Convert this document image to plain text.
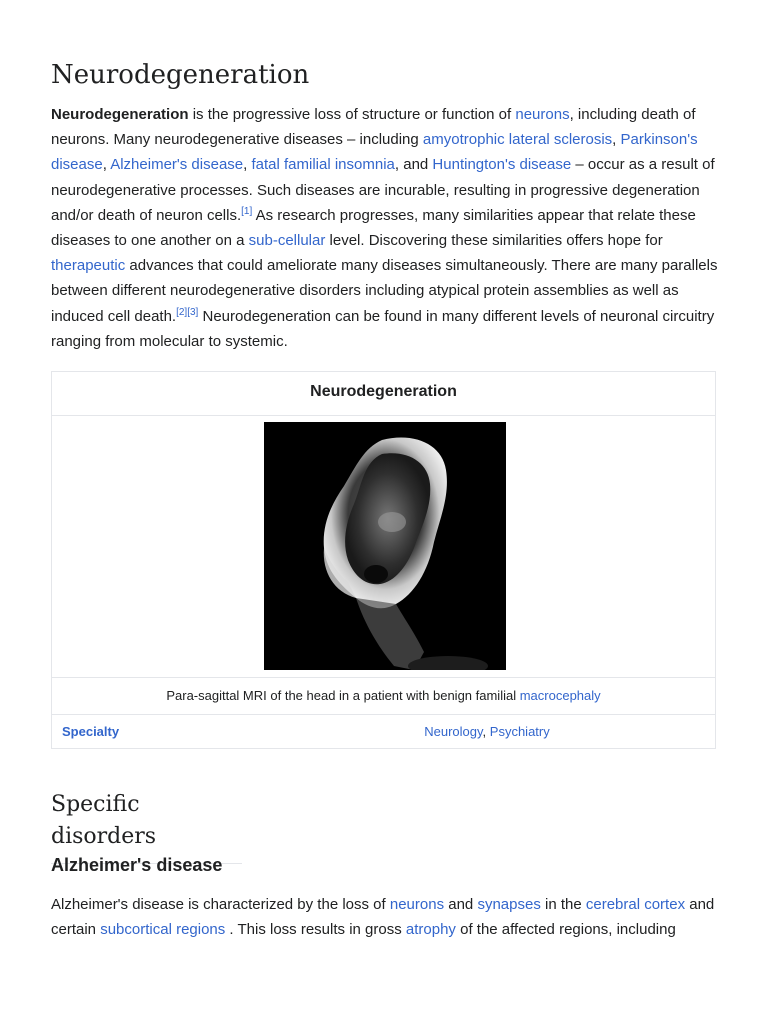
Neurodegeneration

Neurodegeneration is the progressive loss of structure or function of neurons, including death of neurons. Many neurodegenerative diseases – including amyotrophic lateral sclerosis, Parkinson's disease, Alzheimer's disease, fatal familial insomnia, and Huntington's disease – occur as a result of neurodegenerative processes. Such diseases are incurable, resulting in progressive degeneration and/or death of neuron cells.[1] As research progresses, many similarities appear that relate these diseases to one another on a sub-cellular level. Discovering these similarities offers hope for therapeutic advances that could ameliorate many diseases simultaneously. There are many parallels between different neurodegenerative disorders including atypical protein assemblies as well as induced cell death.[2][3] Neurodegeneration can be found in many different levels of neuronal circuitry ranging from molecular to systemic.

Neurodegeneration
Para-sagittal MRI of the head in a patient with benign familial macrocephaly
Specialty	Neurology, Psychiatry
Specific disorders
Alzheimer's disease

Alzheimer's disease is characterized by the loss of neurons and synapses in the cerebral cortex and certain subcortical regions . This loss results in gross atrophy of the affected regions, including
